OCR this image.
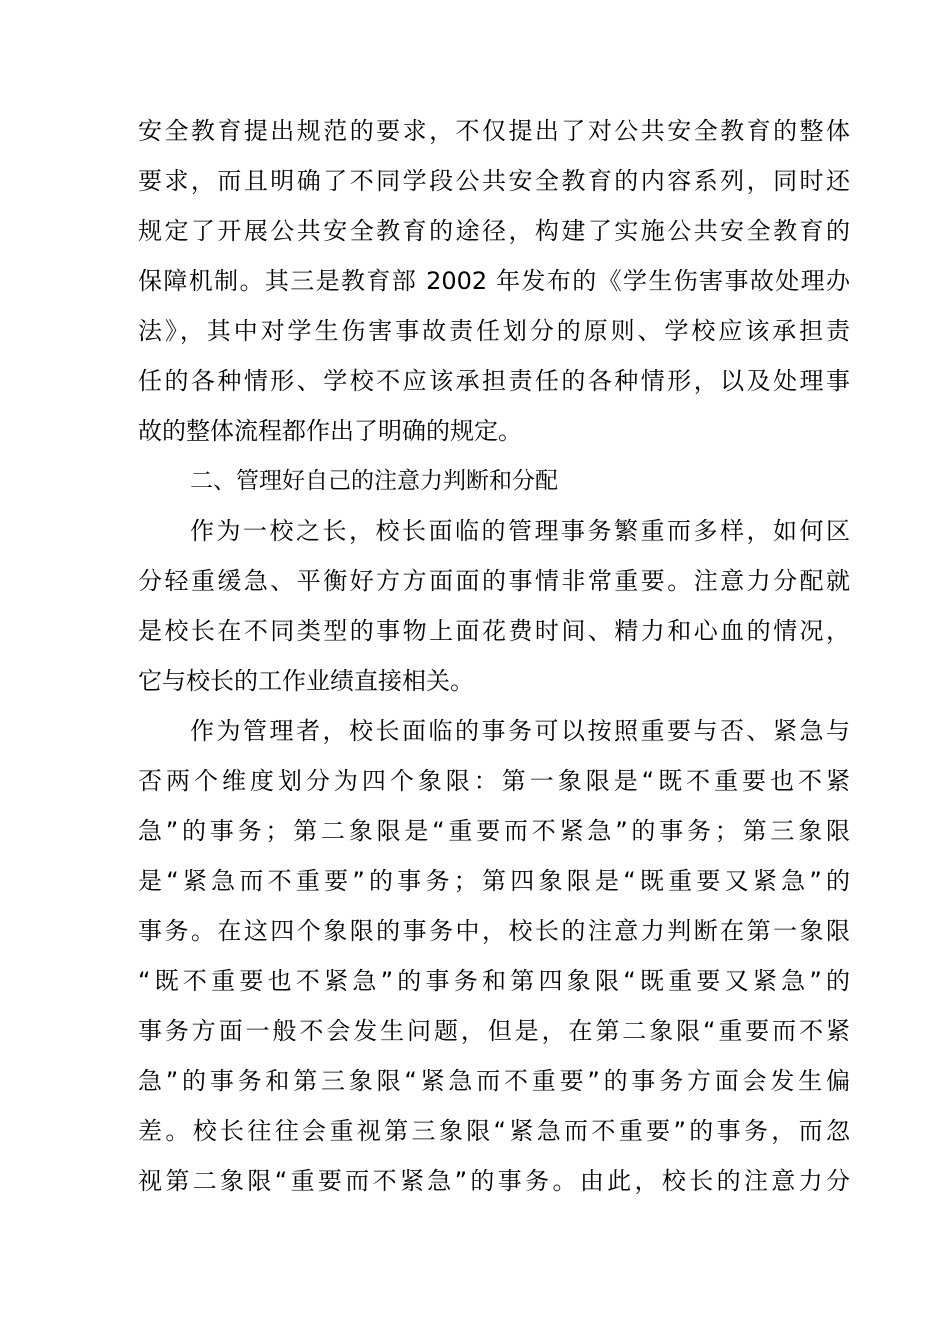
安全教育提出规范的要求，不仅提出了对公共安全教育的整体
要求，而且明确了不同学段公共安全教育的内容系列，同时还
规定了开展公共安全教育的途径，构建了实施公共安全教育的
保障机制。其三是教育部 2002 年发布的《学生伤害事故处理办
法》，其中对学生伤害事故责任划分的原则、学校应该承担责
任的各种情形、学校不应该承担责任的各种情形，以及处理事
故的整体流程都作出了明确的规定。
二、管理好自己的注意力判断和分配
作为一校之长，校长面临的管理事务繁重而多样，如何区
分轻重缓急、平衡好方方面面的事情非常重要。注意力分配就
是校长在不同类型的事物上面花费时间、精力和心血的情况，
它与校长的工作业绩直接相关。
作为管理者，校长面临的事务可以按照重要与否、紧急与
否两个维度划分为四个象限：第一象限是“既不重要也不紧
急”的事务；第二象限是“重要而不紧急”的事务；第三象限
是“紧急而不重要”的事务；第四象限是“既重要又紧急”的
事务。在这四个象限的事务中，校长的注意力判断在第一象限
“既不重要也不紧急”的事务和第四象限“既重要又紧急”的
事务方面一般不会发生问题，但是，在第二象限“重要而不紧
急”的事务和第三象限“紧急而不重要”的事务方面会发生偏
差。校长往往会重视第三象限“紧急而不重要”的事务，而忽
视第二象限“重要而不紧急”的事务。由此，校长的注意力分
